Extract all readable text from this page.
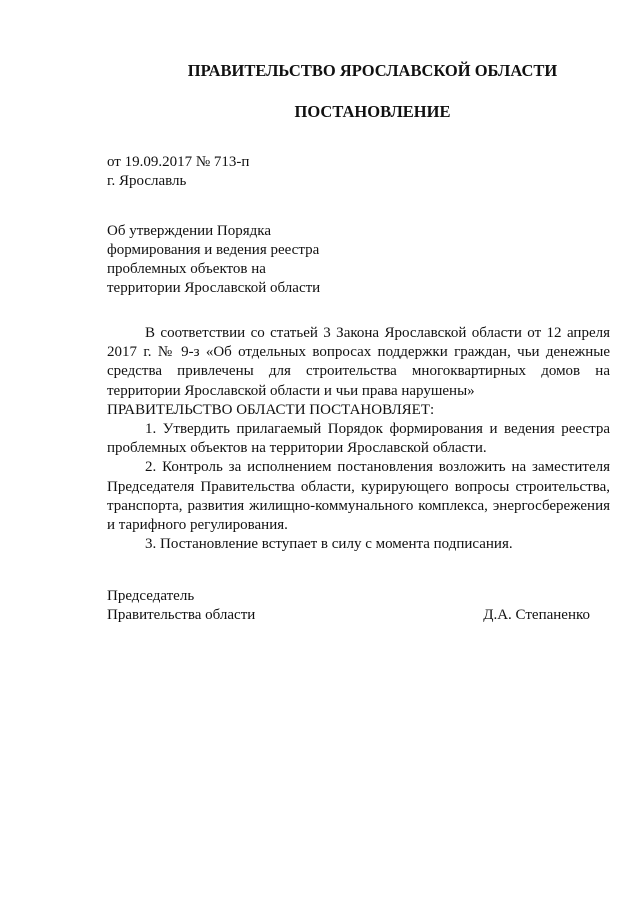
ПРАВИТЕЛЬСТВО ЯРОСЛАВСКОЙ ОБЛАСТИ
ПОСТАНОВЛЕНИЕ
от 19.09.2017 № 713-п
г. Ярославль
Об утверждении Порядка
формирования и ведения реестра
проблемных объектов на
территории Ярославской области

В соответствии со статьей 3 Закона Ярославской области от 12 апреля 2017 г. № 9-з «Об отдельных вопросах поддержки граждан, чьи денежные средства привлечены для строительства многоквартирных домов на территории Ярославской области и чьи права нарушены»

ПРАВИТЕЛЬСТВО ОБЛАСТИ ПОСТАНОВЛЯЕТ:

1. Утвердить прилагаемый Порядок формирования и ведения реестра проблемных объектов на территории Ярославской области.

2. Контроль за исполнением постановления возложить на заместителя Председателя Правительства области, курирующего вопросы строительства, транспорта, развития жилищно-коммунального комплекса, энергосбережения и тарифного регулирования.

3. Постановление вступает в силу с момента подписания.

Председатель
Правительства области	Д.А. Степаненко
